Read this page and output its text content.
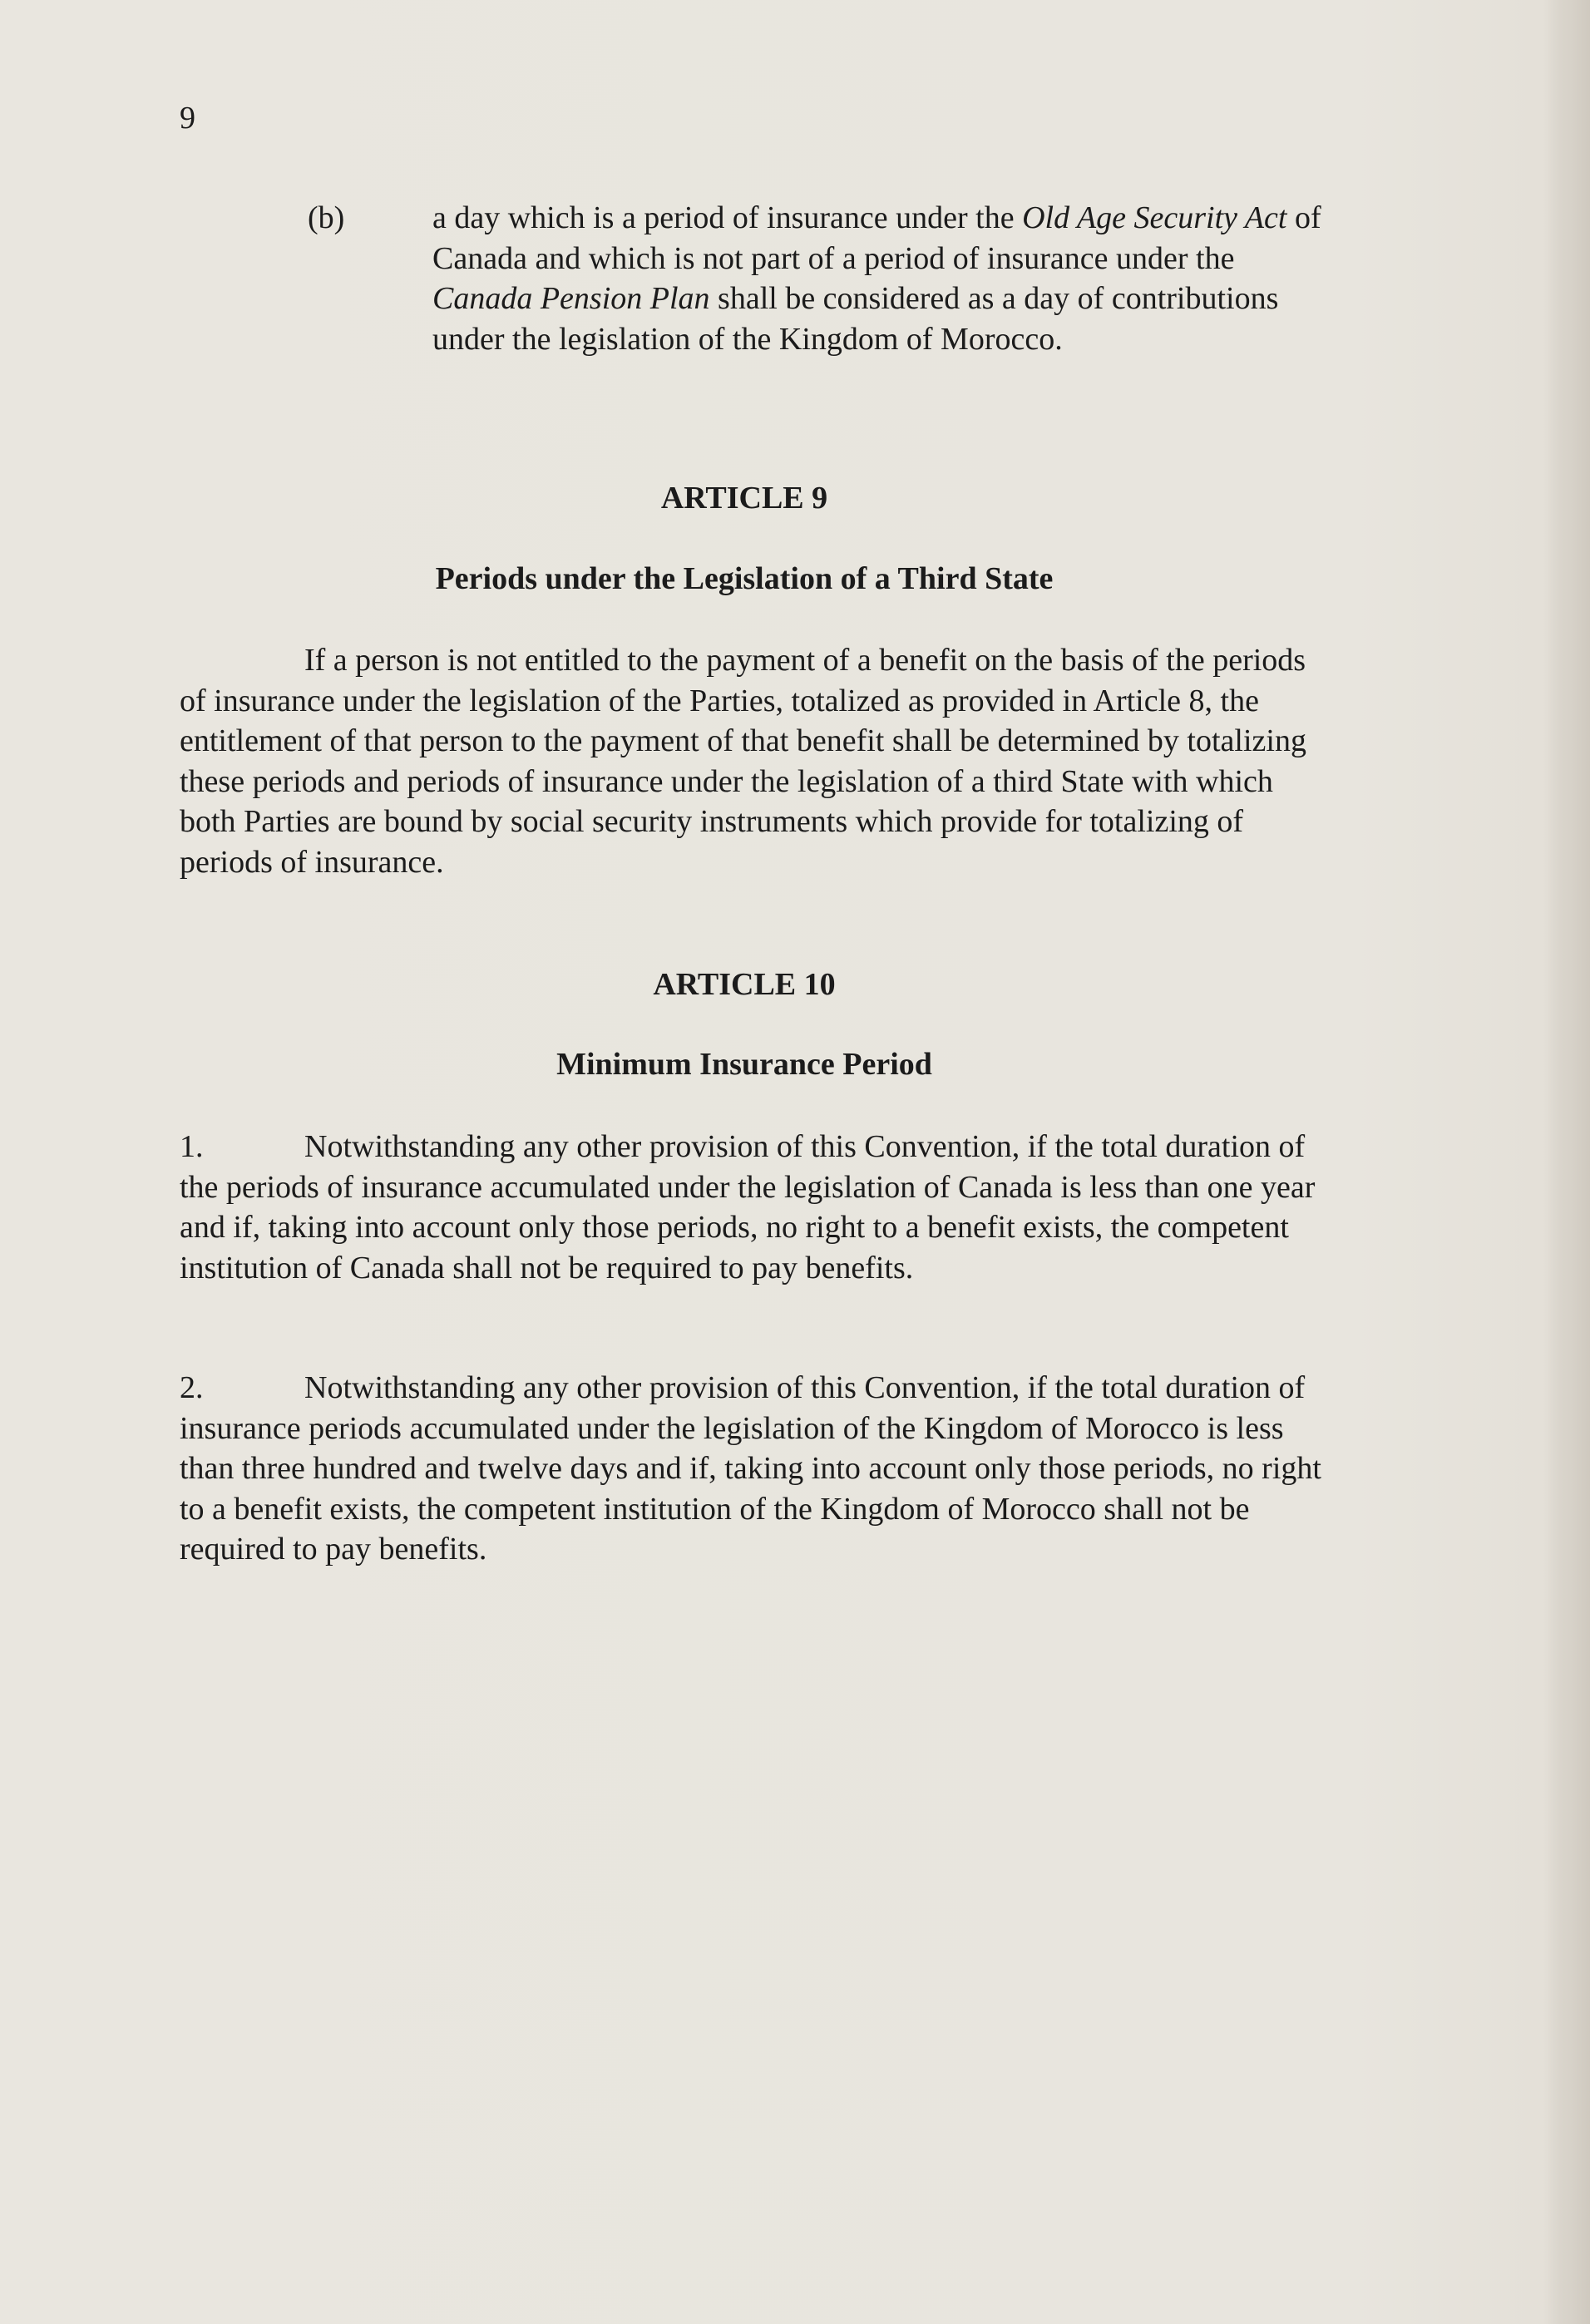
9
(b)	a day which is a period of insurance under the Old Age Security Act of Canada and which is not part of a period of insurance under the Canada Pension Plan shall be considered as a day of contributions under the legislation of the Kingdom of Morocco.
ARTICLE 9
Periods under the Legislation of a Third State
If a person is not entitled to the payment of a benefit on the basis of the periods of insurance under the legislation of the Parties, totalized as provided in Article 8, the entitlement of that person to the payment of that benefit shall be determined by totalizing these periods and periods of insurance under the legislation of a third State with which both Parties are bound by social security instruments which provide for totalizing of periods of insurance.
ARTICLE 10
Minimum Insurance Period
1.	Notwithstanding any other provision of this Convention, if the total duration of the periods of insurance accumulated under the legislation of Canada is less than one year and if, taking into account only those periods, no right to a benefit exists, the competent institution of Canada shall not be required to pay benefits.
2.	Notwithstanding any other provision of this Convention, if the total duration of insurance periods accumulated under the legislation of the Kingdom of Morocco is less than three hundred and twelve days and if, taking into account only those periods, no right to a benefit exists, the competent institution of the Kingdom of Morocco shall not be required to pay benefits.
